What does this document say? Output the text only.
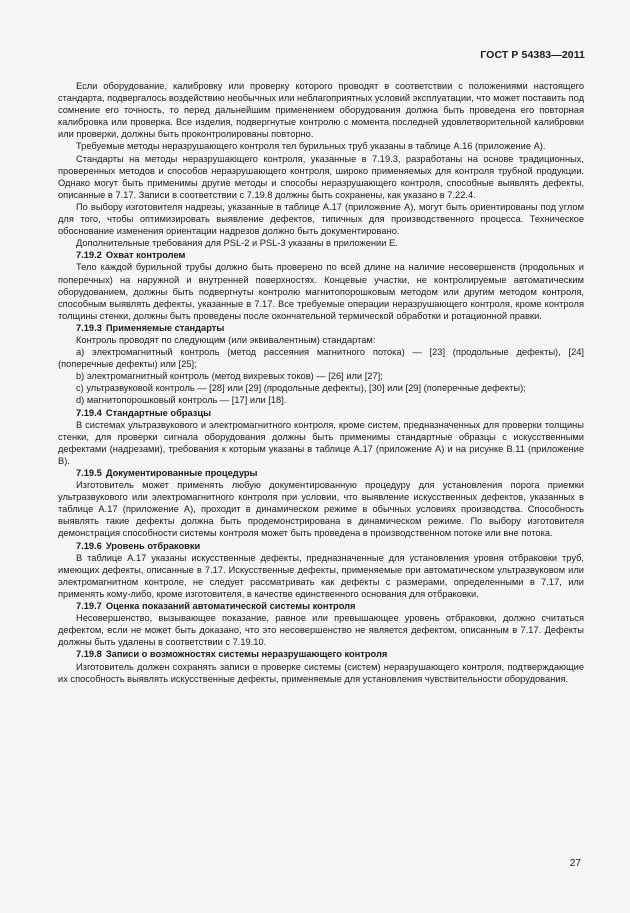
ГОСТ Р 54383—2011

Если оборудование, калибровку или проверку которого проводят в соответствии с положениями настоящего стандарта, подвергалось воздействию необычных или неблагоприятных условий эксплуатации, что может поставить под сомнение его точность, то перед дальнейшим применением оборудования должна быть проведена его повторная калибровка или проверка. Все изделия, подвергнутые контролю с момента последней удовлетворительной калибровки или проверки, должны быть проконтролированы повторно.

Требуемые методы неразрушающего контроля тел бурильных труб указаны в таблице А.16 (приложение А).

Стандарты на методы неразрушающего контроля, указанные в 7.19.3, разработаны на основе традиционных, проверенных методов и способов неразрушающего контроля, широко применяемых для контроля трубной продукции. Однако могут быть применимы другие методы и способы неразрушающего контроля, способные выявлять дефекты, описанные в 7.17. Записи в соответствии с 7.19.8 должны быть сохранены, как указано в 7.22.4.

По выбору изготовителя надрезы, указанные в таблице А.17 (приложение А), могут быть ориентированы под углом для того, чтобы оптимизировать выявление дефектов, типичных для производственного процесса. Техническое обоснование изменения ориентации надрезов должно быть документировано.

Дополнительные требования для PSL-2 и PSL-3 указаны в приложении Е.

7.19.2 Охват контролем

Тело каждой бурильной трубы должно быть проверено по всей длине на наличие несовершенств (продольных и поперечных) на наружной и внутренней поверхностях. Концевые участки, не контролируемые автоматическим оборудованием, должны быть подвергнуты контролю магнитопорошковым методом или другим методом контроля, способным выявлять дефекты, указанные в 7.17. Все требуемые операции неразрушающего контроля, кроме контроля толщины стенки, должны быть проведены после окончательной термической обработки и ротационной правки.

7.19.3 Применяемые стандарты

Контроль проводят по следующим (или эквивалентным) стандартам:

а) электромагнитный контроль (метод рассеяния магнитного потока) — [23] (продольные дефекты), [24] (поперечные дефекты) или [25];

b) электромагнитный контроль (метод вихревых токов) — [26] или [27];

c) ультразвуковой контроль — [28] или [29] (продольные дефекты), [30] или [29] (поперечные дефекты);

d) магнитопорошковый контроль — [17] или [18].

7.19.4 Стандартные образцы

В системах ультразвукового и электромагнитного контроля, кроме систем, предназначенных для проверки толщины стенки, для проверки сигнала оборудования должны быть применимы стандартные образцы с искусственными дефектами (надрезами), требования к которым указаны в таблице А.17 (приложение А) и на рисунке В.11 (приложение В).

7.19.5 Документированные процедуры

Изготовитель может применять любую документированную процедуру для установления порога приемки ультразвукового или электромагнитного контроля при условии, что выявление искусственных дефектов, указанных в таблице А.17 (приложение А), проходит в динамическом режиме в обычных условиях производства. Способность выявлять такие дефекты должна быть продемонстрирована в динамическом режиме. По выбору изготовителя демонстрация способности системы контроля может быть проведена в производственном потоке или вне потока.

7.19.6 Уровень отбраковки

В таблице А.17 указаны искусственные дефекты, предназначенные для установления уровня отбраковки труб, имеющих дефекты, описанные в 7.17. Искусственные дефекты, применяемые при автоматическом ультразвуковом или электромагнитном контроле, не следует рассматривать как дефекты с размерами, определенными в 7.17, или применять кому-либо, кроме изготовителя, в качестве единственного основания для отбраковки.

7.19.7 Оценка показаний автоматической системы контроля

Несовершенство, вызывающее показание, равное или превышающее уровень отбраковки, должно считаться дефектом, если не может быть доказано, что это несовершенство не является дефектом, описанным в 7.17. Дефекты должны быть удалены в соответствии с 7.19.10.

7.19.8 Записи о возможностях системы неразрушающего контроля

Изготовитель должен сохранять записи о проверке системы (систем) неразрушающего контроля, подтверждающие их способность выявлять искусственные дефекты, применяемые для установления чувствительности оборудования.

27
